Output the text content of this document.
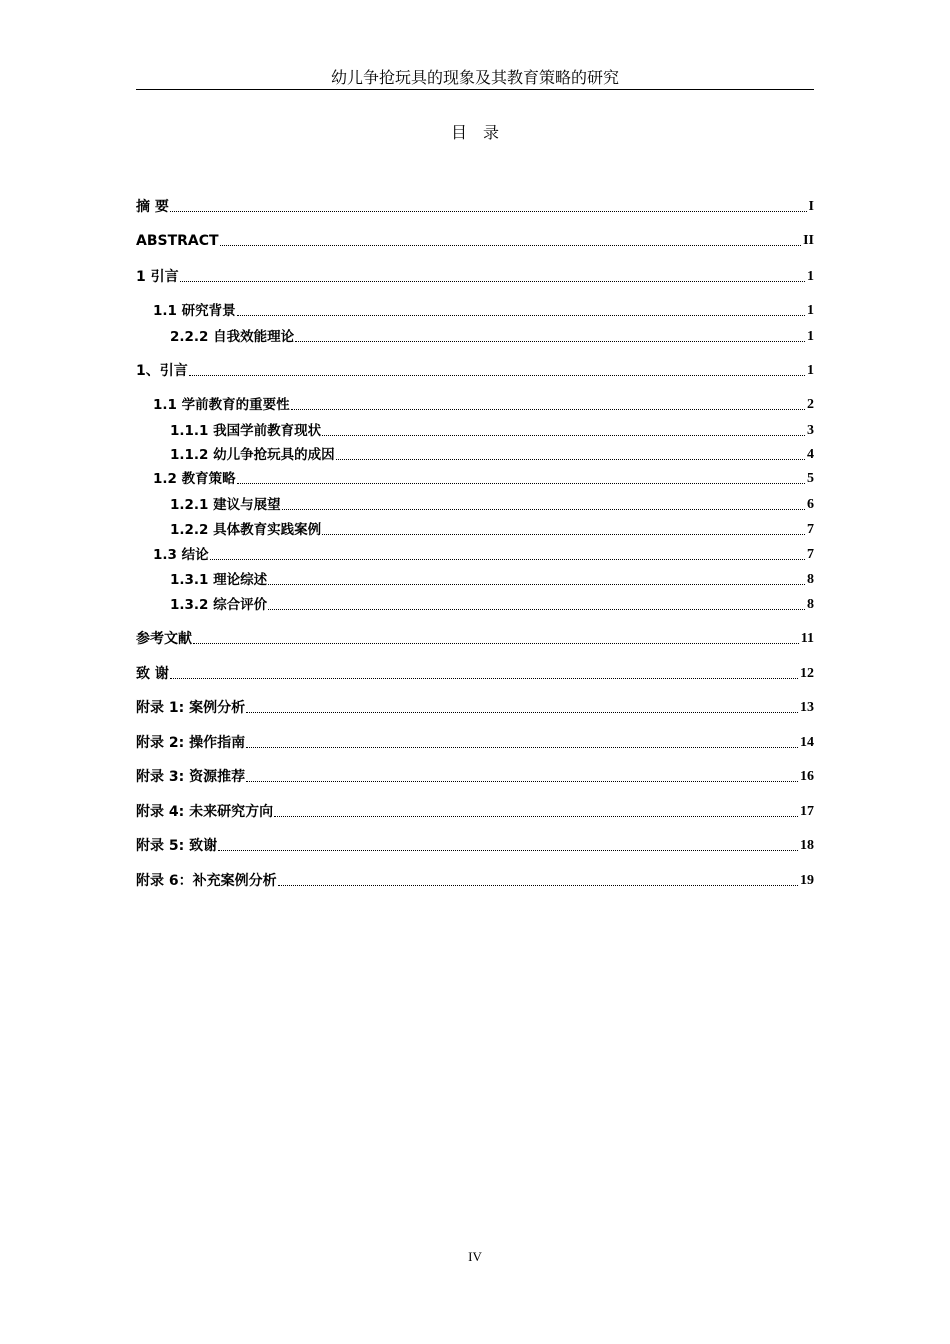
幼儿争抢玩具的现象及其教育策略的研究
目　录
摘 要	I
ABSTRACT	II
1 引言	1
1.1 研究背景	1
2.2.2 自我效能理论	1
1、引言	1
1.1 学前教育的重要性	2
1.1.1 我国学前教育现状	3
1.1.2 幼儿争抢玩具的成因	4
1.2 教育策略	5
1.2.1 建议与展望	6
1.2.2 具体教育实践案例	7
1.3 结论	7
1.3.1 理论综述	8
1.3.2 综合评价	8
参考文献	11
致 谢	12
附录 1: 案例分析	13
附录 2: 操作指南	14
附录 3: 资源推荐	16
附录 4: 未来研究方向	17
附录 5: 致谢	18
附录 6：补充案例分析	19
IV
